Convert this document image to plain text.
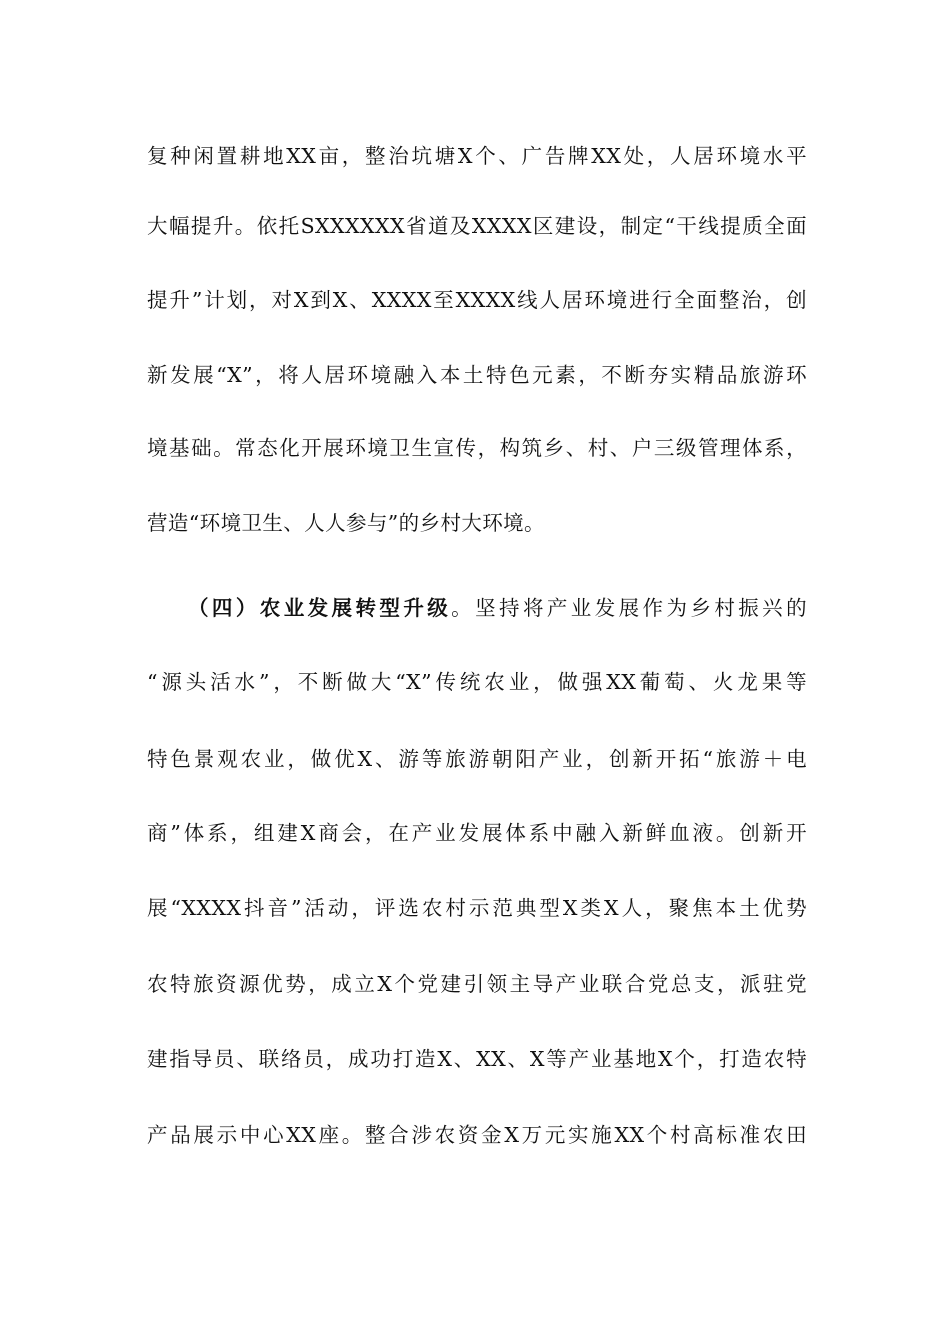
复种闲置耕地XX亩，整治坑塘X个、广告牌XX处，人居环境水平
大幅提升。依托SXXXXXX省道及XXXX区建设，制定“干线提质全面
提升”计划，对X到X、XXXX至XXXX线人居环境进行全面整治，创
新发展“X”，将人居环境融入本土特色元素，不断夯实精品旅游环
境基础。常态化开展环境卫生宣传，构筑乡、村、户三级管理体系，
营造“环境卫生、人人参与”的乡村大环境。
（四）农业发展转型升级。坚持将产业发展作为乡村振兴的
“源头活水”，不断做大“X”传统农业，做强XX葡萄、火龙果等
特色景观农业，做优X、游等旅游朝阳产业，创新开拓“旅游＋电
商”体系，组建X商会，在产业发展体系中融入新鲜血液。创新开
展“XXXX抖音”活动，评选农村示范典型X类X人，聚焦本土优势
农特旅资源优势，成立X个党建引领主导产业联合党总支，派驻党
建指导员、联络员，成功打造X、XX、X等产业基地X个，打造农特
产品展示中心XX座。整合涉农资金X万元实施XX个村高标准农田
